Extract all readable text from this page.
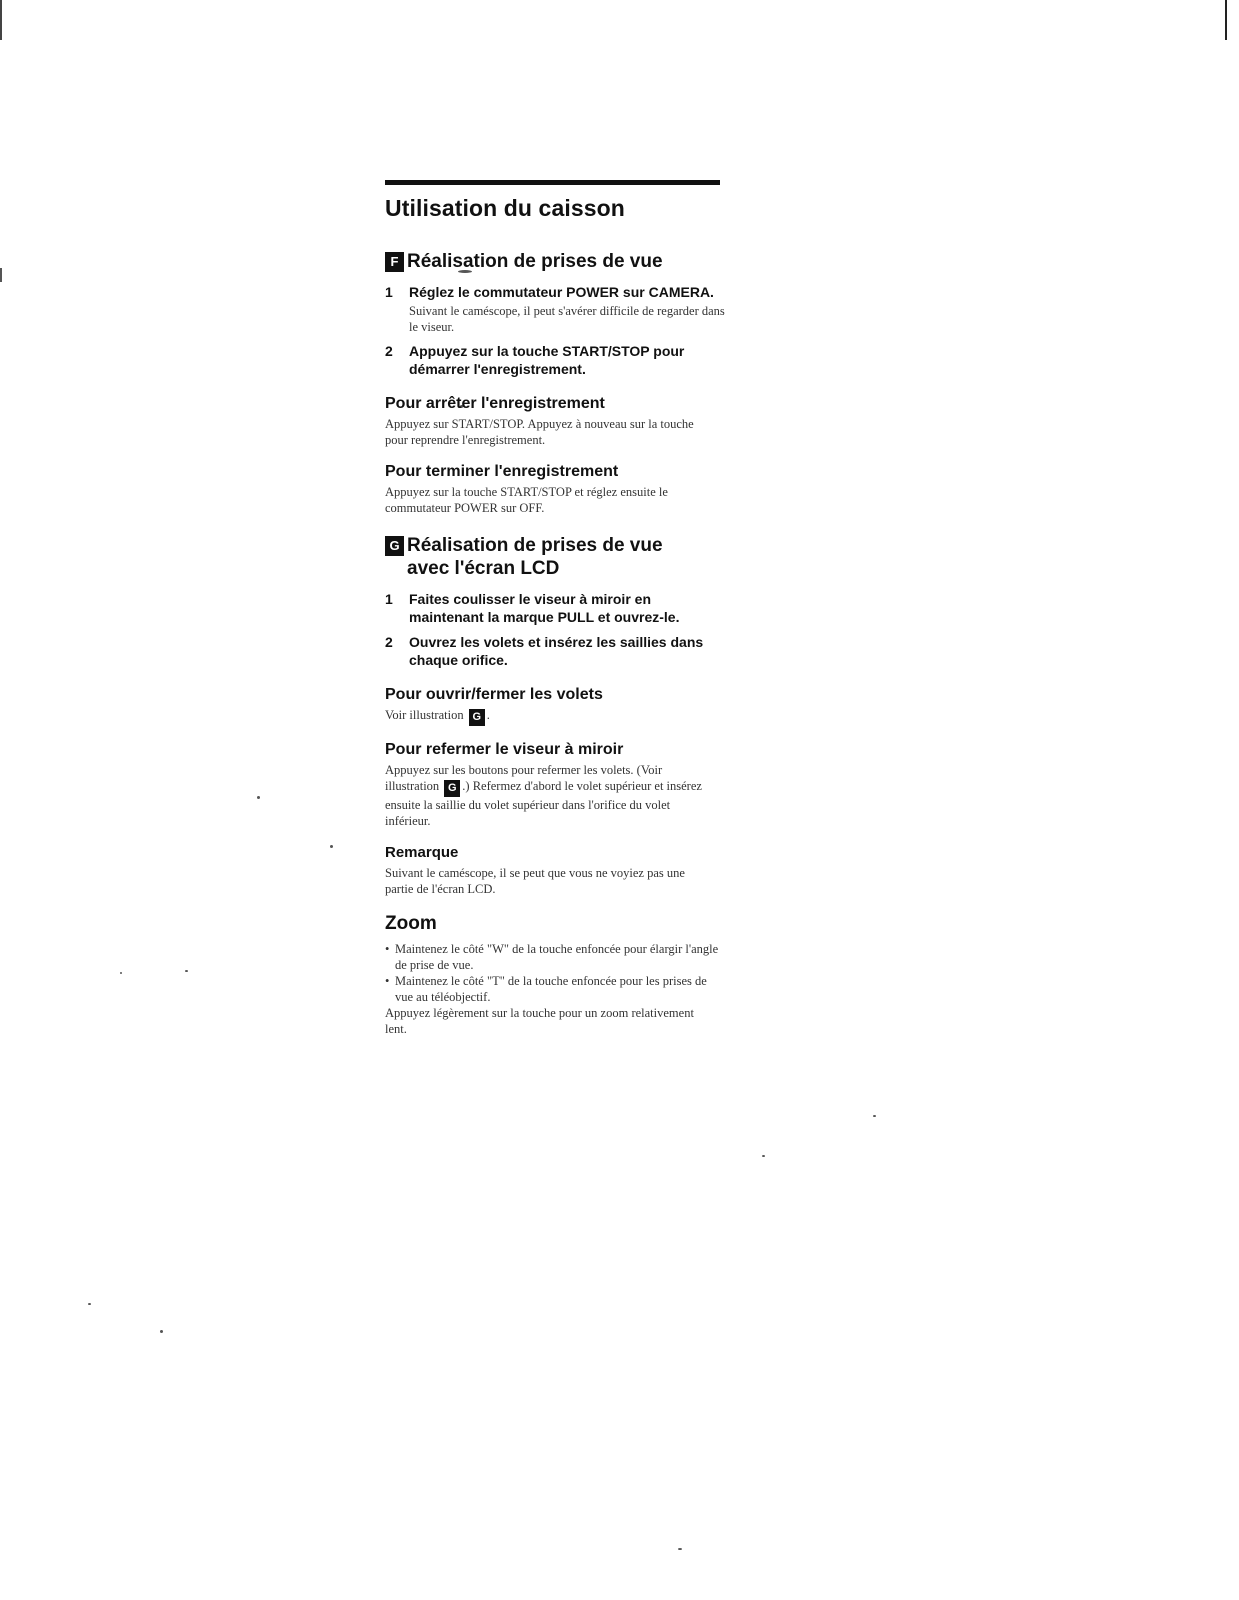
Utilisation du caisson
F Réalisation de prises de vue
1	Réglez le commutateur POWER sur CAMERA.
Suivant le caméscope, il peut s'avérer difficile de regarder dans le viseur.
2	Appuyez sur la touche START/STOP pour démarrer l'enregistrement.
Pour arrêter l'enregistrement

Appuyez sur START/STOP. Appuyez à nouveau sur la touche pour reprendre l'enregistrement.

Pour terminer l'enregistrement

Appuyez sur la touche START/STOP et réglez ensuite le commutateur POWER sur OFF.

G Réalisation de prises de vue
avec l'écran LCD
1	Faites coulisser le viseur à miroir en maintenant la marque PULL et ouvrez-le.
2	Ouvrez les volets et insérez les saillies dans chaque orifice.
Pour ouvrir/fermer les volets

Voir illustration G .

Pour refermer le viseur à miroir

Appuyez sur les boutons pour refermer les volets. (Voir illustration G .) Refermez d'abord le volet supérieur et insérez ensuite la saillie du volet supérieur dans l'orifice du volet inférieur.

Remarque

Suivant le caméscope, il se peut que vous ne voyiez pas une partie de l'écran LCD.

Zoom
• Maintenez le côté "W" de la touche enfoncée pour élargir l'angle de prise de vue.
• Maintenez le côté "T" de la touche enfoncée pour les prises de vue au téléobjectif.

Appuyez légèrement sur la touche pour un zoom relativement lent.
